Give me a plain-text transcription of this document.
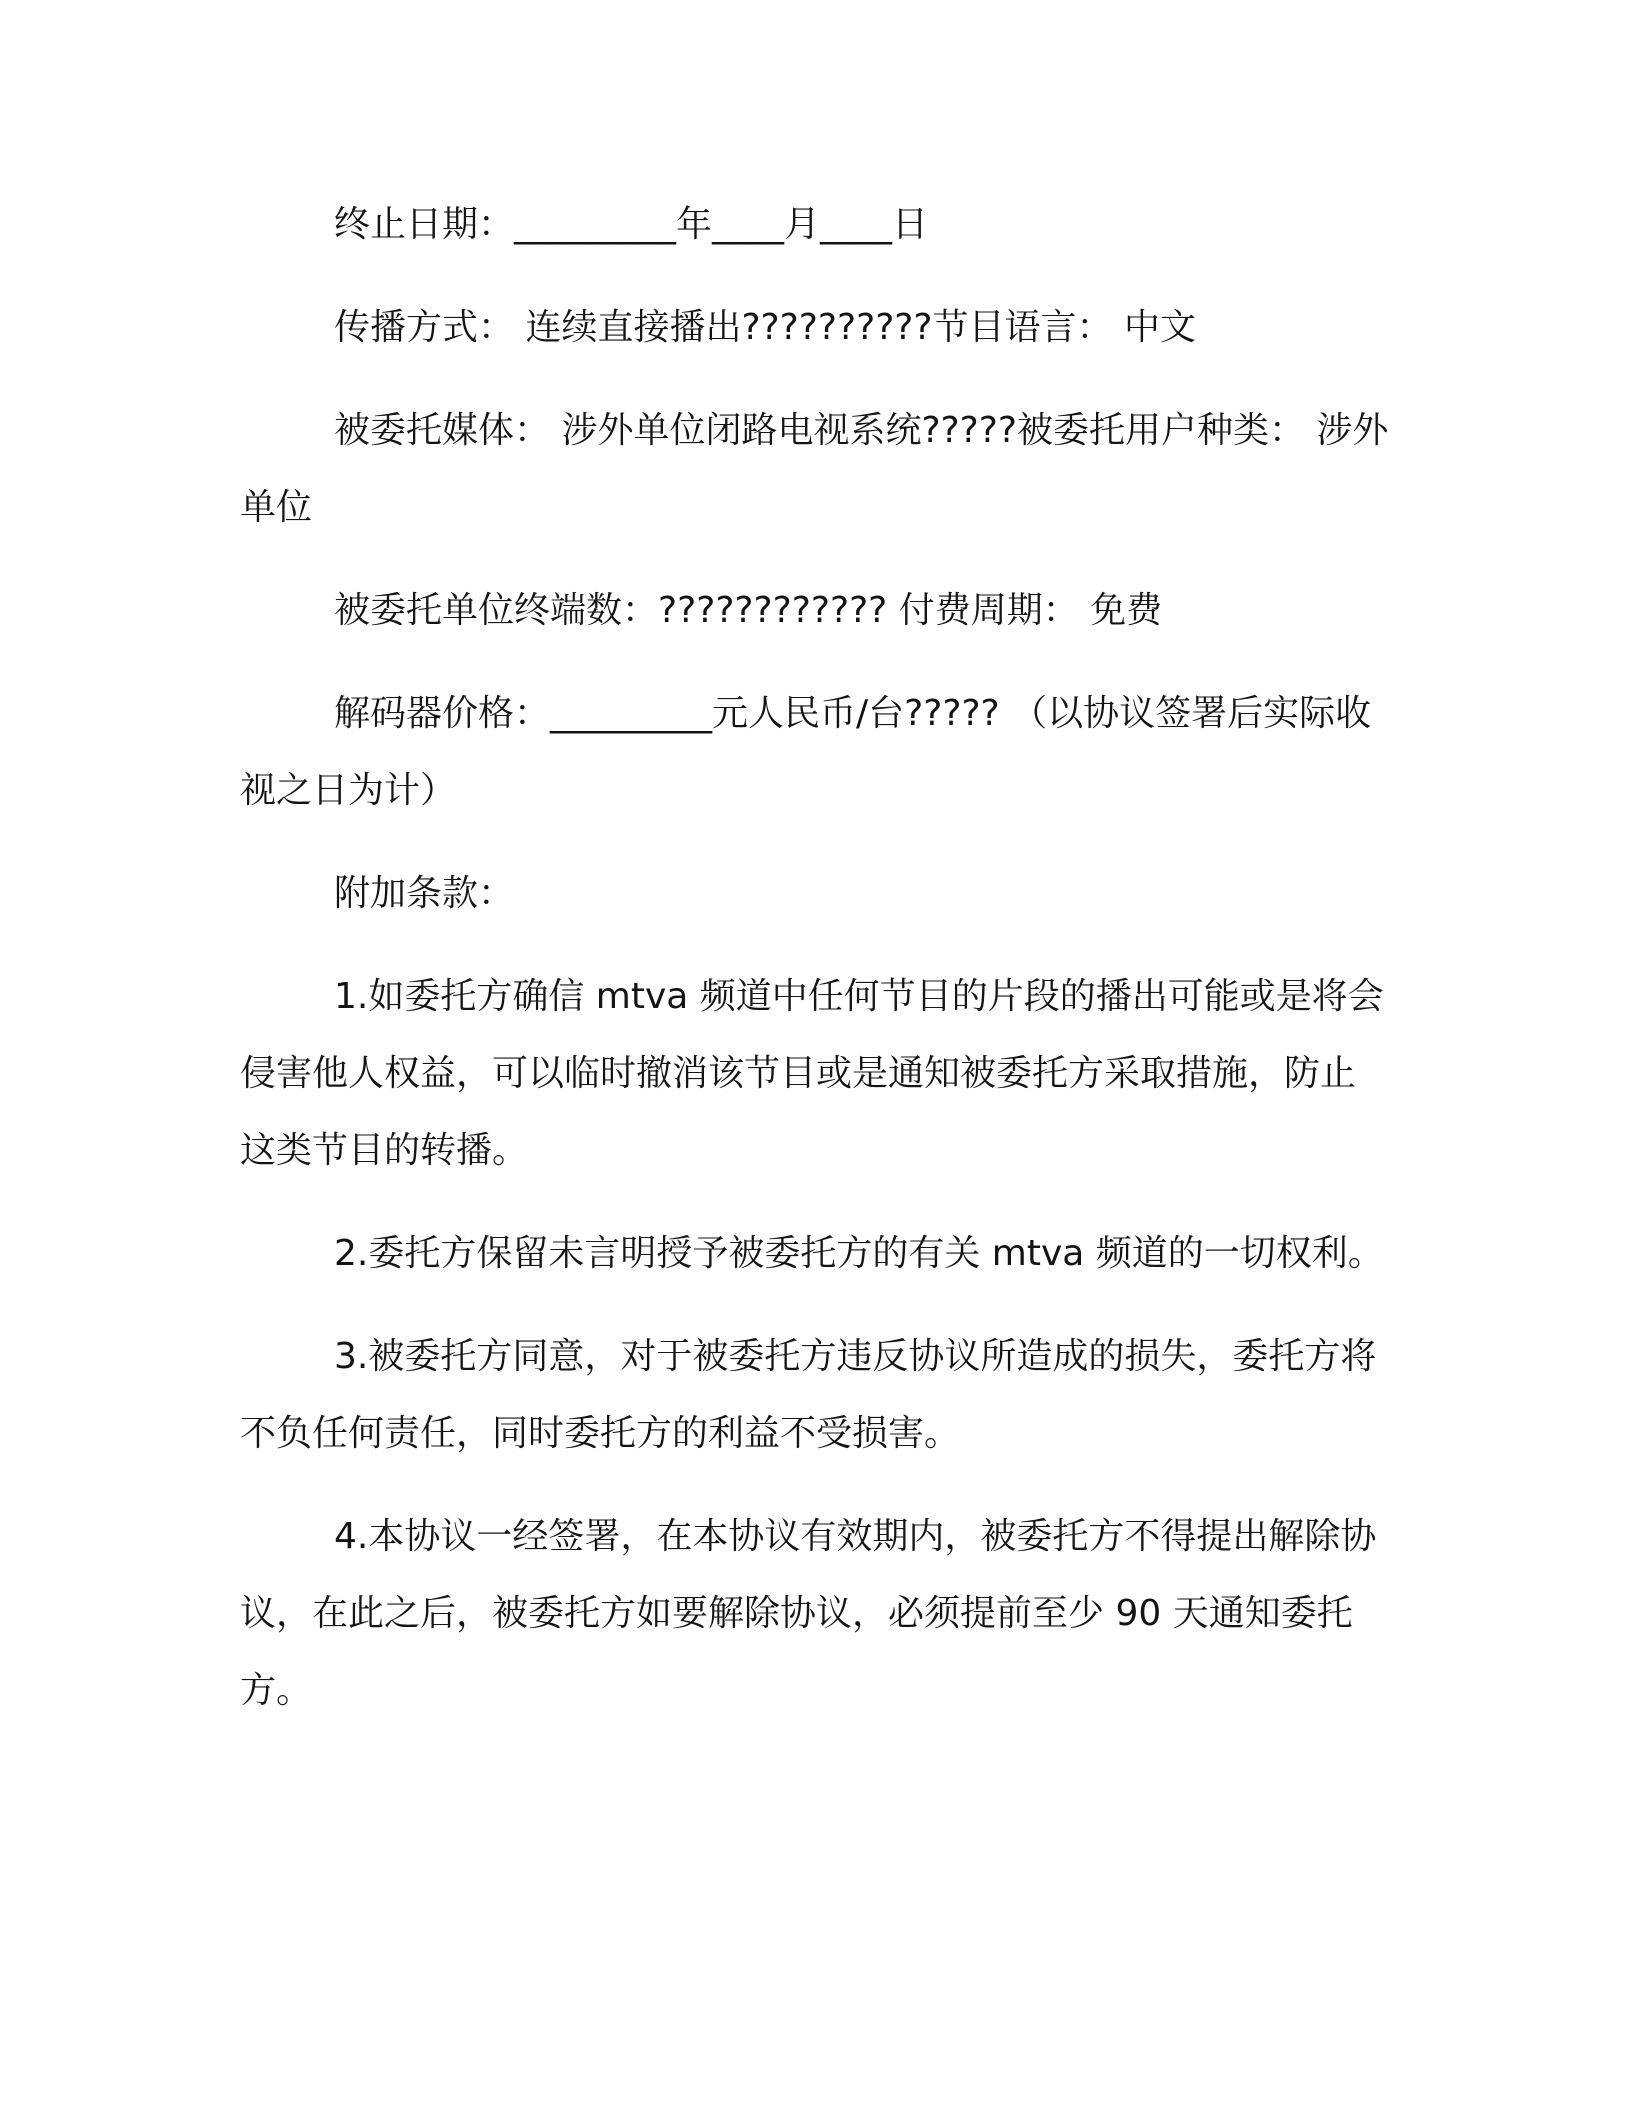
终止日期：_________年____月____日

传播方式： 连续直接播出??????????节目语言： 中文

被委托媒体： 涉外单位闭路电视系统?????被委托用户种类： 涉外单位

被委托单位终端数：???????????? 付费周期： 免费

解码器价格：_________元人民币/台????? （以协议签署后实际收视之日为计）

附加条款：

1.如委托方确信 mtva 频道中任何节目的片段的播出可能或是将会侵害他人权益，可以临时撤消该节目或是通知被委托方采取措施，防止这类节目的转播。

2.委托方保留未言明授予被委托方的有关 mtva 频道的一切权利。

3.被委托方同意，对于被委托方违反协议所造成的损失，委托方将不负任何责任，同时委托方的利益不受损害。

4.本协议一经签署，在本协议有效期内，被委托方不得提出解除协议，在此之后，被委托方如要解除协议，必须提前至少 90 天通知委托方。
